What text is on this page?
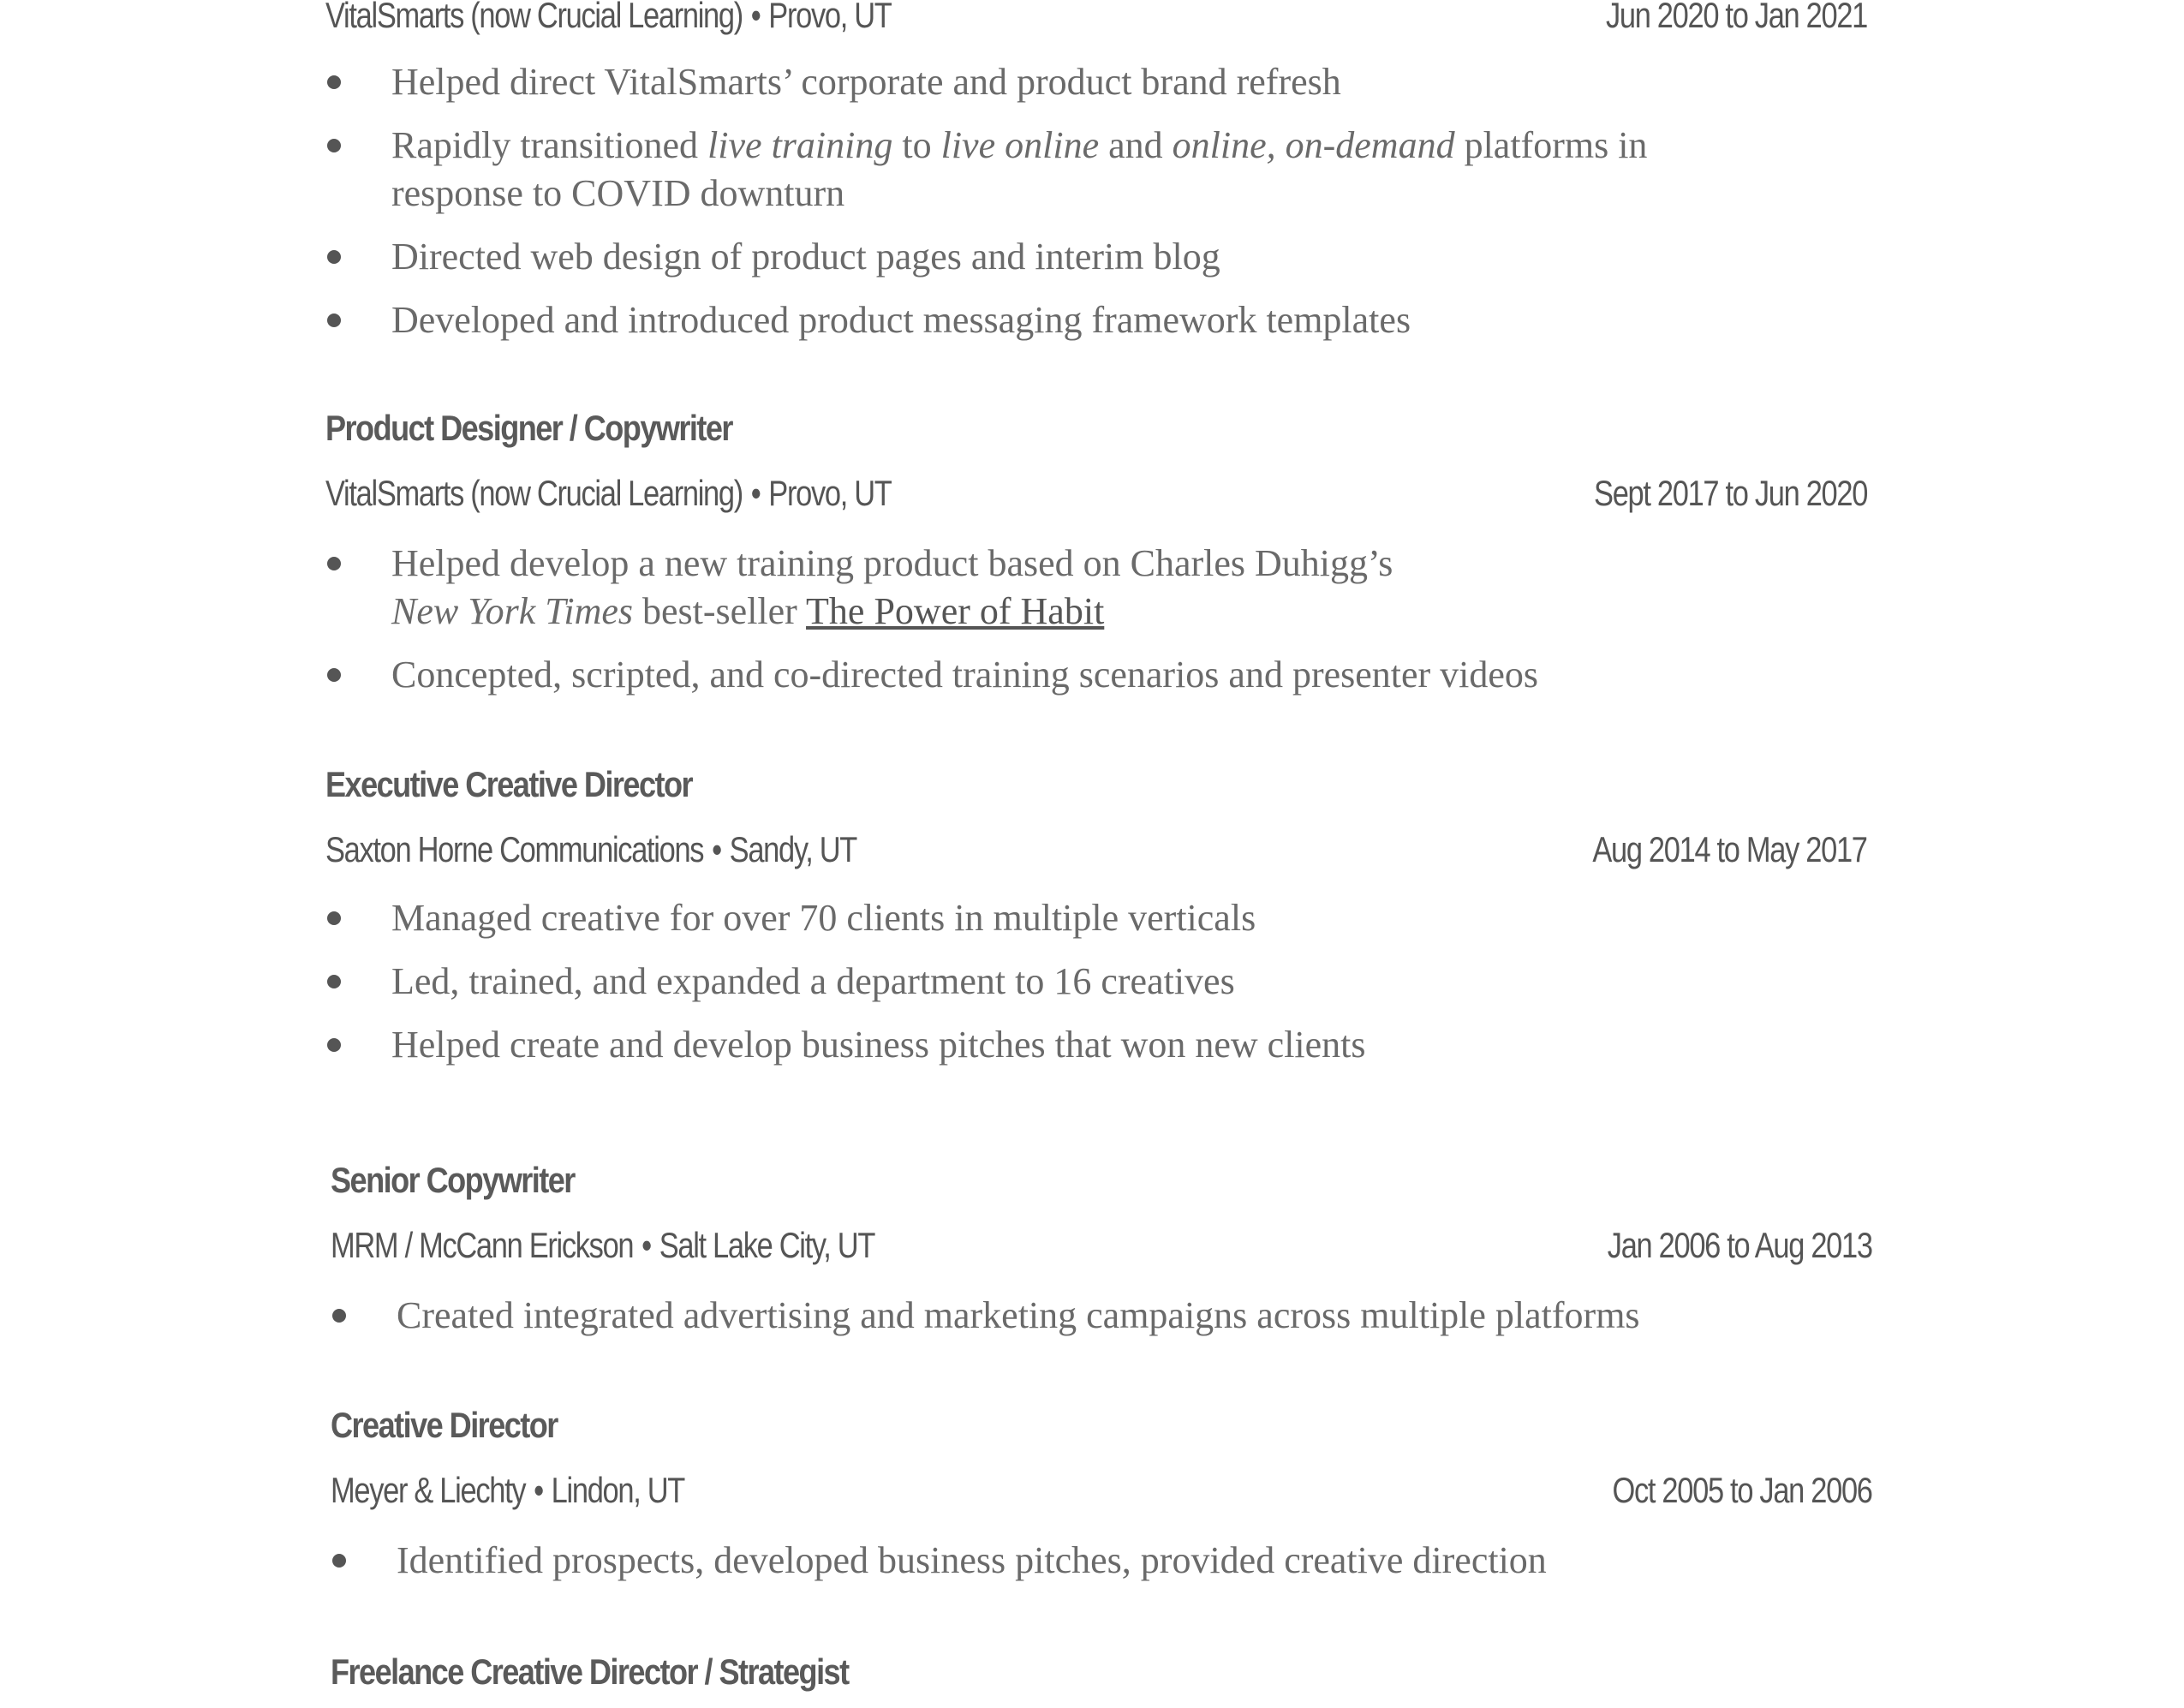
VitalSmarts (now Crucial Learning) • Provo, UT	Jun 2020 to Jan 2021
Helped direct VitalSmarts’ corporate and product brand refresh
Rapidly transitioned live training to live online and online, on-demand platforms in
response to COVID downturn
Directed web design of product pages and interim blog
Developed and introduced product messaging framework templates
Product Designer / Copywriter
VitalSmarts (now Crucial Learning) • Provo, UT	Sept 2017 to Jun 2020
Helped develop a new training product based on Charles Duhigg’s
New York Times best-seller The Power of Habit
Concepted, scripted, and co-directed training scenarios and presenter videos
Executive Creative Director
Saxton Horne Communications • Sandy, UT	Aug 2014 to May 2017
Managed creative for over 70 clients in multiple verticals
Led, trained, and expanded a department to 16 creatives
Helped create and develop business pitches that won new clients
Senior Copywriter
MRM / McCann Erickson • Salt Lake City, UT	Jan 2006 to Aug 2013
Created integrated advertising and marketing campaigns across multiple platforms
Creative Director
Meyer & Liechty • Lindon, UT	Oct 2005 to Jan 2006
Identified prospects, developed business pitches, provided creative direction
Freelance Creative Director / Strategist
